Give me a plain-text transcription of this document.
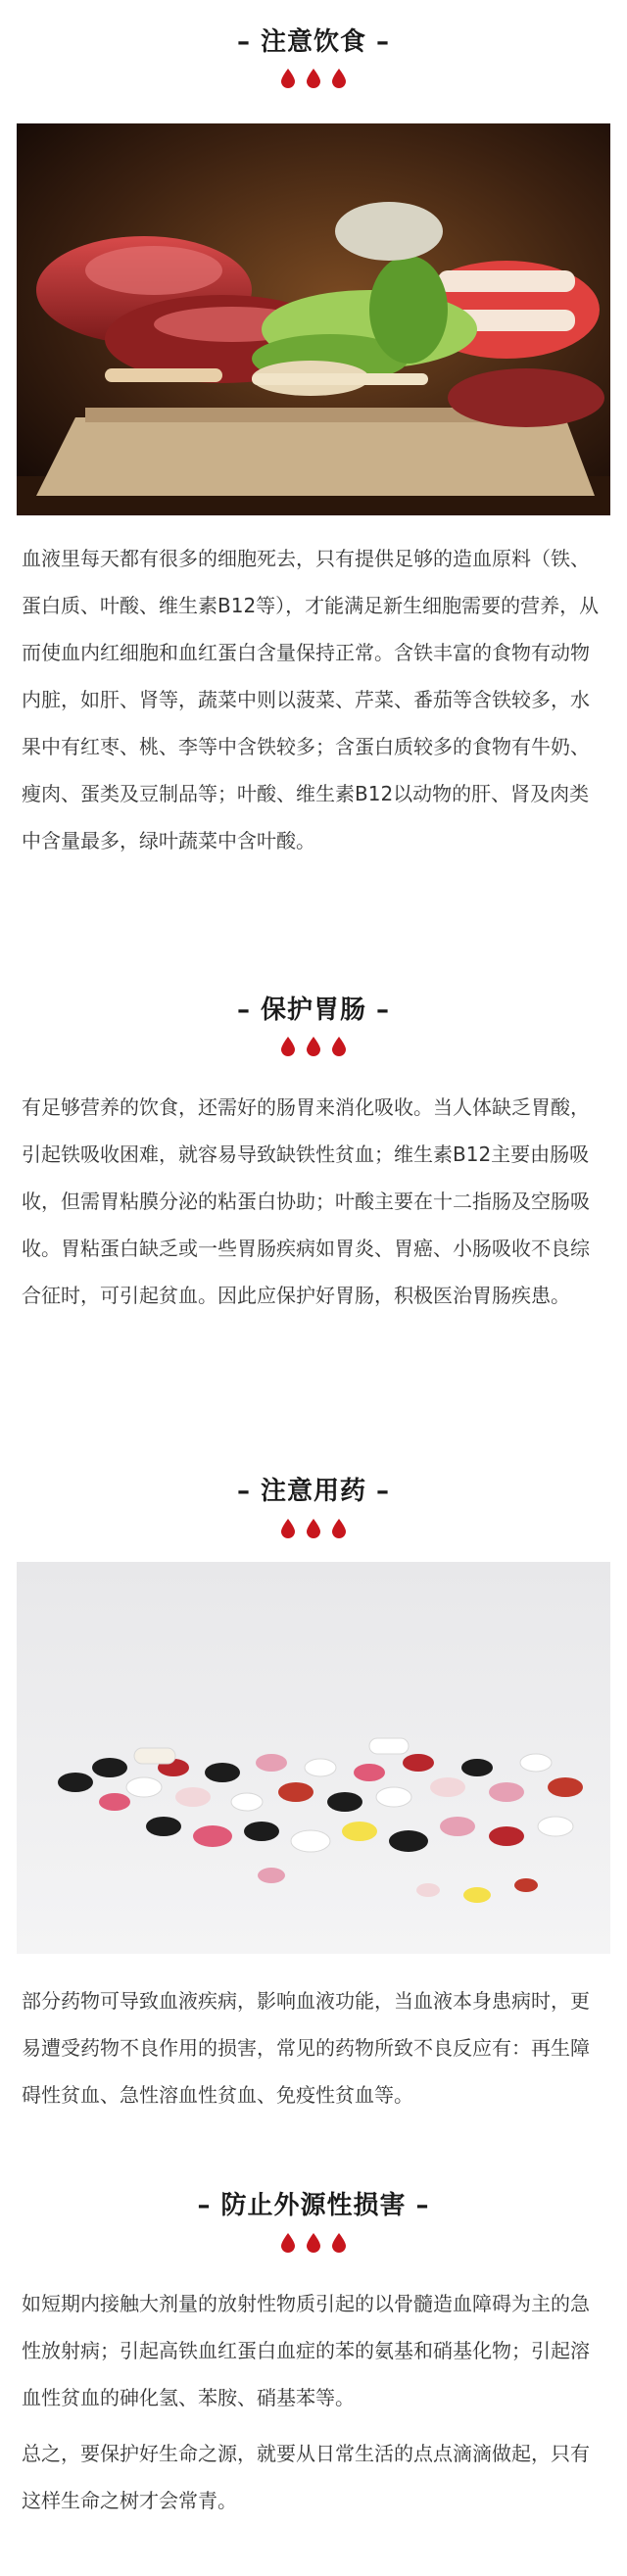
– 注意饮食 –

血液里每天都有很多的细胞死去，只有提供足够的造血原料（铁、蛋白质、叶酸、维生素B12等），才能满足新生细胞需要的营养，从而使血内红细胞和血红蛋白含量保持正常。含铁丰富的食物有动物内脏，如肝、肾等，蔬菜中则以菠菜、芹菜、番茄等含铁较多，水果中有红枣、桃、李等中含铁较多；含蛋白质较多的食物有牛奶、瘦肉、蛋类及豆制品等；叶酸、维生素B12以动物的肝、肾及肉类中含量最多，绿叶蔬菜中含叶酸。

– 保护胃肠 –

有足够营养的饮食，还需好的肠胃来消化吸收。当人体缺乏胃酸，引起铁吸收困难，就容易导致缺铁性贫血；维生素B12主要由肠吸收，但需胃粘膜分泌的粘蛋白协助；叶酸主要在十二指肠及空肠吸收。胃粘蛋白缺乏或一些胃肠疾病如胃炎、胃癌、小肠吸收不良综合征时，可引起贫血。因此应保护好胃肠，积极医治胃肠疾患。

– 注意用药 –

部分药物可导致血液疾病，影响血液功能，当血液本身患病时，更易遭受药物不良作用的损害，常见的药物所致不良反应有：再生障碍性贫血、急性溶血性贫血、免疫性贫血等。

– 防止外源性损害 –

如短期内接触大剂量的放射性物质引起的以骨髓造血障碍为主的急性放射病；引起高铁血红蛋白血症的苯的氨基和硝基化物；引起溶血性贫血的砷化氢、苯胺、硝基苯等。

总之，要保护好生命之源，就要从日常生活的点点滴滴做起，只有这样生命之树才会常青。
